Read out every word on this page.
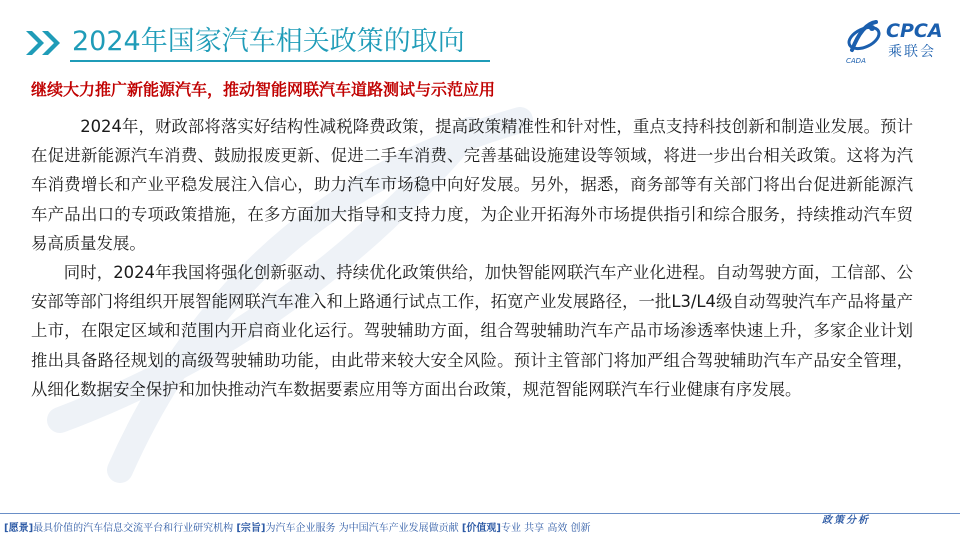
2024年国家汽车相关政策的取向	CPCA
乘联会
CADA
继续大力推广新能源汽车，推动智能网联汽车道路测试与示范应用

2024年，财政部将落实好结构性减税降费政策，提高政策精准性和针对性，重点支持科技创新和制造业发展。预计在促进新能源汽车消费、鼓励报废更新、促进二手车消费、完善基础设施建设等领域，将进一步出台相关政策。这将为汽车消费增长和产业平稳发展注入信心，助力汽车市场稳中向好发展。另外，据悉，商务部等有关部门将出台促进新能源汽车产品出口的专项政策措施，在多方面加大指导和支持力度，为企业开拓海外市场提供指引和综合服务，持续推动汽车贸易高质量发展。

同时，2024年我国将强化创新驱动、持续优化政策供给，加快智能网联汽车产业化进程。自动驾驶方面，工信部、公安部等部门将组织开展智能网联汽车准入和上路通行试点工作，拓宽产业发展路径，一批L3/L4级自动驾驶汽车产品将量产上市，在限定区域和范围内开启商业化运行。驾驶辅助方面，组合驾驶辅助汽车产品市场渗透率快速上升，多家企业计划推出具备路径规划的高级驾驶辅助功能，由此带来较大安全风险。预计主管部门将加严组合驾驶辅助汽车产品安全管理，从细化数据安全保护和加快推动汽车数据要素应用等方面出台政策，规范智能网联汽车行业健康有序发展。

[愿景]最具价值的汽车信息交流平台和行业研究机构 [宗旨]为汽车企业服务 为中国汽车产业发展做贡献 [价值观]专业 共享 高效 创新
政策分析
